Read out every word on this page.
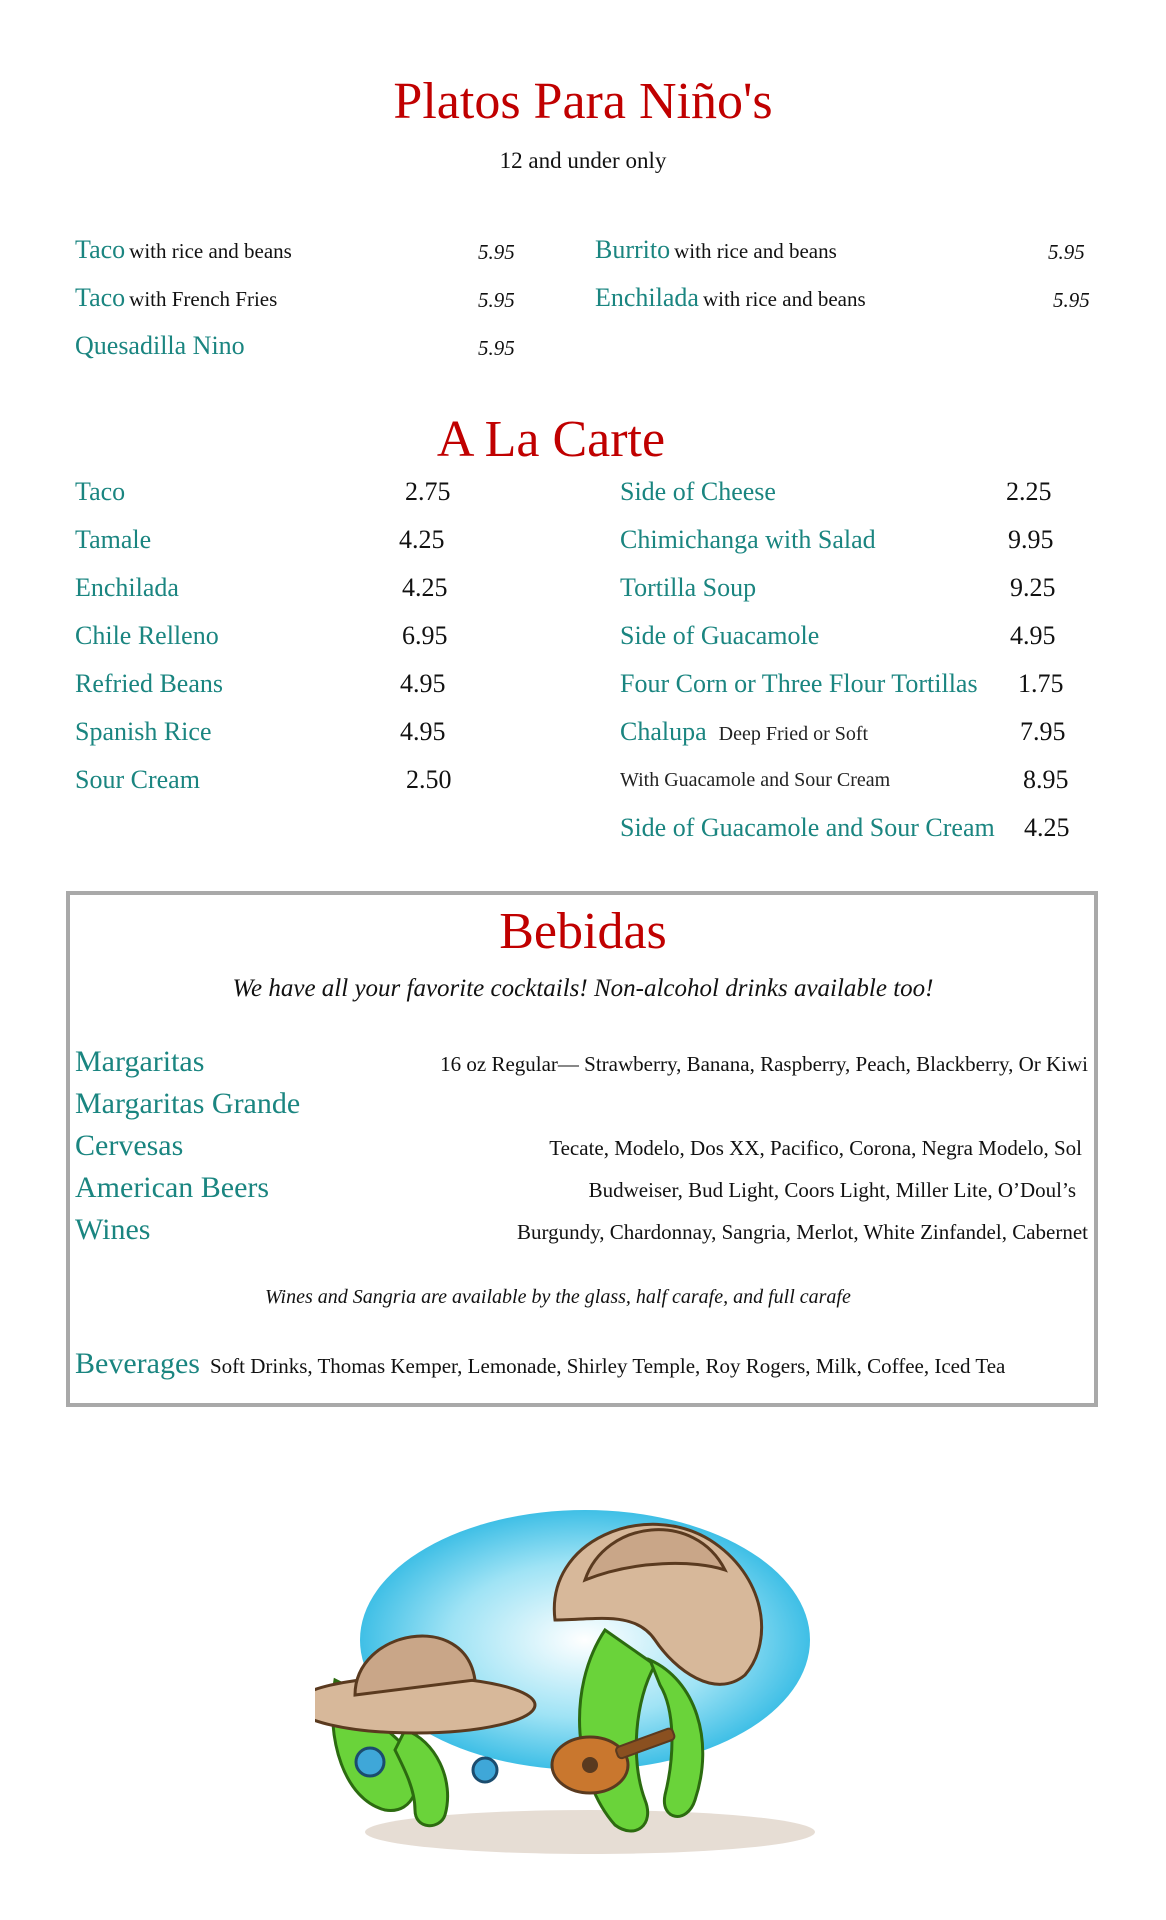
Platos Para Niño's
12 and under only
Taco with rice and beans	5.95
Taco with French Fries	5.95
Quesadilla Nino	5.95
Burrito with rice and beans	5.95
Enchilada with rice and beans	5.95
A La Carte
Taco	2.75
Tamale	4.25
Enchilada	4.25
Chile Relleno	6.95
Refried Beans	4.95
Spanish Rice	4.95
Sour Cream	2.50
Side of Cheese	2.25
Chimichanga with Salad	9.95
Tortilla Soup	9.25
Side of Guacamole	4.95
Four Corn or Three Flour Tortillas 1.75
Chalupa Deep Fried or Soft	7.95
With Guacamole and Sour Cream	8.95
Side of Guacamole and Sour Cream 4.25
Bebidas
We have all your favorite cocktails! Non-alcohol drinks available too!
Margaritas	16 oz Regular— Strawberry, Banana, Raspberry, Peach, Blackberry, Or Kiwi
Margaritas Grande
Cervesas	Tecate, Modelo, Dos XX, Pacifico, Corona, Negra Modelo, Sol
American Beers	Budweiser, Bud Light, Coors Light, Miller Lite, O’Doul’s
Wines	Burgundy, Chardonnay, Sangria, Merlot, White Zinfandel, Cabernet
Wines and Sangria are available by the glass, half carafe, and full carafe
Beverages Soft Drinks, Thomas Kemper, Lemonade, Shirley Temple, Roy Rogers, Milk, Coffee, Iced Tea
